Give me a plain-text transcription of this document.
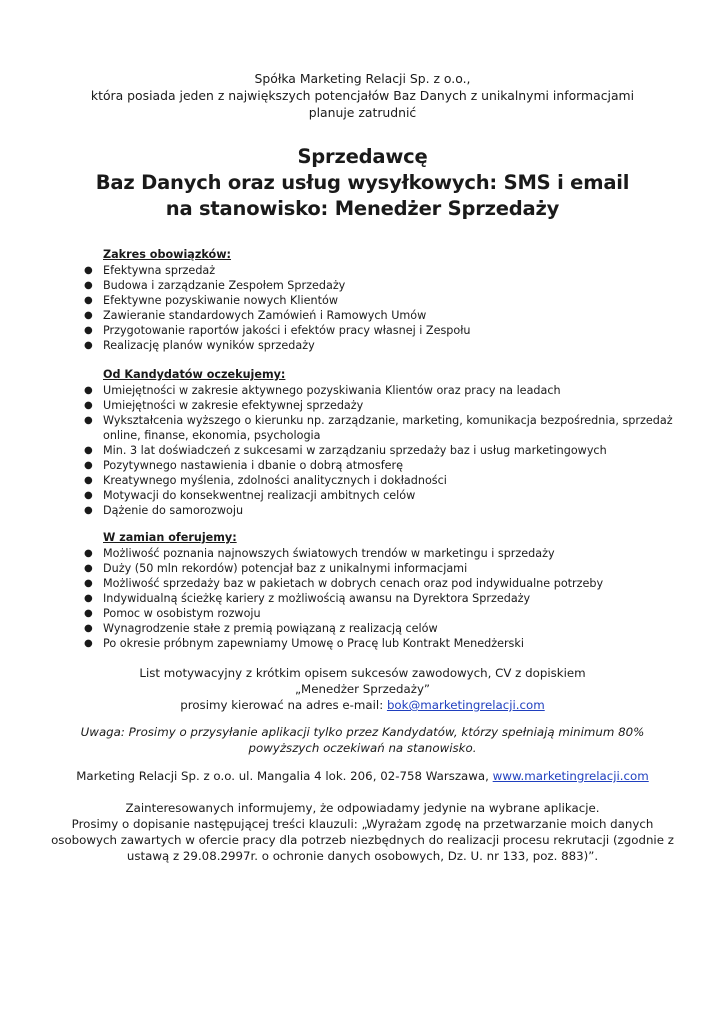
Spółka Marketing Relacji Sp. z o.o.,
która posiada jeden z największych potencjałów Baz Danych z unikalnymi informacjami
planuje zatrudnić
Sprzedawcę
Baz Danych oraz usług wysyłkowych: SMS i email
na stanowisko: Menedżer Sprzedaży
Zakres obowiązków:
● Efektywna sprzedaż
● Budowa i zarządzanie Zespołem Sprzedaży
● Efektywne pozyskiwanie nowych Klientów
● Zawieranie standardowych Zamówień i Ramowych Umów
● Przygotowanie raportów jakości i efektów pracy własnej i Zespołu
● Realizację planów wyników sprzedaży
Od Kandydatów oczekujemy:
● Umiejętności w zakresie aktywnego pozyskiwania Klientów oraz pracy na leadach
● Umiejętności w zakresie efektywnej sprzedaży
● Wykształcenia wyższego o kierunku np. zarządzanie, marketing, komunikacja bezpośrednia, sprzedaż online, finanse, ekonomia, psychologia
● Min. 3 lat doświadczeń z sukcesami w zarządzaniu sprzedaży baz i usług marketingowych
● Pozytywnego nastawienia i dbanie o dobrą atmosferę
● Kreatywnego myślenia, zdolności analitycznych i dokładności
● Motywacji do konsekwentnej realizacji ambitnych celów
● Dążenie do samorozwoju
W zamian oferujemy:
● Możliwość poznania najnowszych światowych trendów w marketingu i sprzedaży
● Duży (50 mln rekordów) potencjał baz z unikalnymi informacjami
● Możliwość sprzedaży baz w pakietach w dobrych cenach oraz pod indywidualne potrzeby
● Indywidualną ścieżkę kariery z możliwością awansu na Dyrektora Sprzedaży
● Pomoc w osobistym rozwoju
● Wynagrodzenie stałe z premią powiązaną z realizacją celów
● Po okresie próbnym zapewniamy Umowę o Pracę lub Kontrakt Menedżerski
List motywacyjny z krótkim opisem sukcesów zawodowych, CV z dopiskiem
„Menedżer Sprzedaży”
prosimy kierować na adres e-mail: bok@marketingrelacji.com
Uwaga: Prosimy o przysyłanie aplikacji tylko przez Kandydatów, którzy spełniają minimum 80% powyższych oczekiwań na stanowisko.
Marketing Relacji Sp. z o.o. ul. Mangalia 4 lok. 206, 02-758 Warszawa, www.marketingrelacji.com
Zainteresowanych informujemy, że odpowiadamy jedynie na wybrane aplikacje.
Prosimy o dopisanie następującej treści klauzuli: „Wyrażam zgodę na przetwarzanie moich danych osobowych zawartych w ofercie pracy dla potrzeb niezbędnych do realizacji procesu rekrutacji (zgodnie z ustawą z 29.08.2997r. o ochronie danych osobowych, Dz. U. nr 133, poz. 883)”.
